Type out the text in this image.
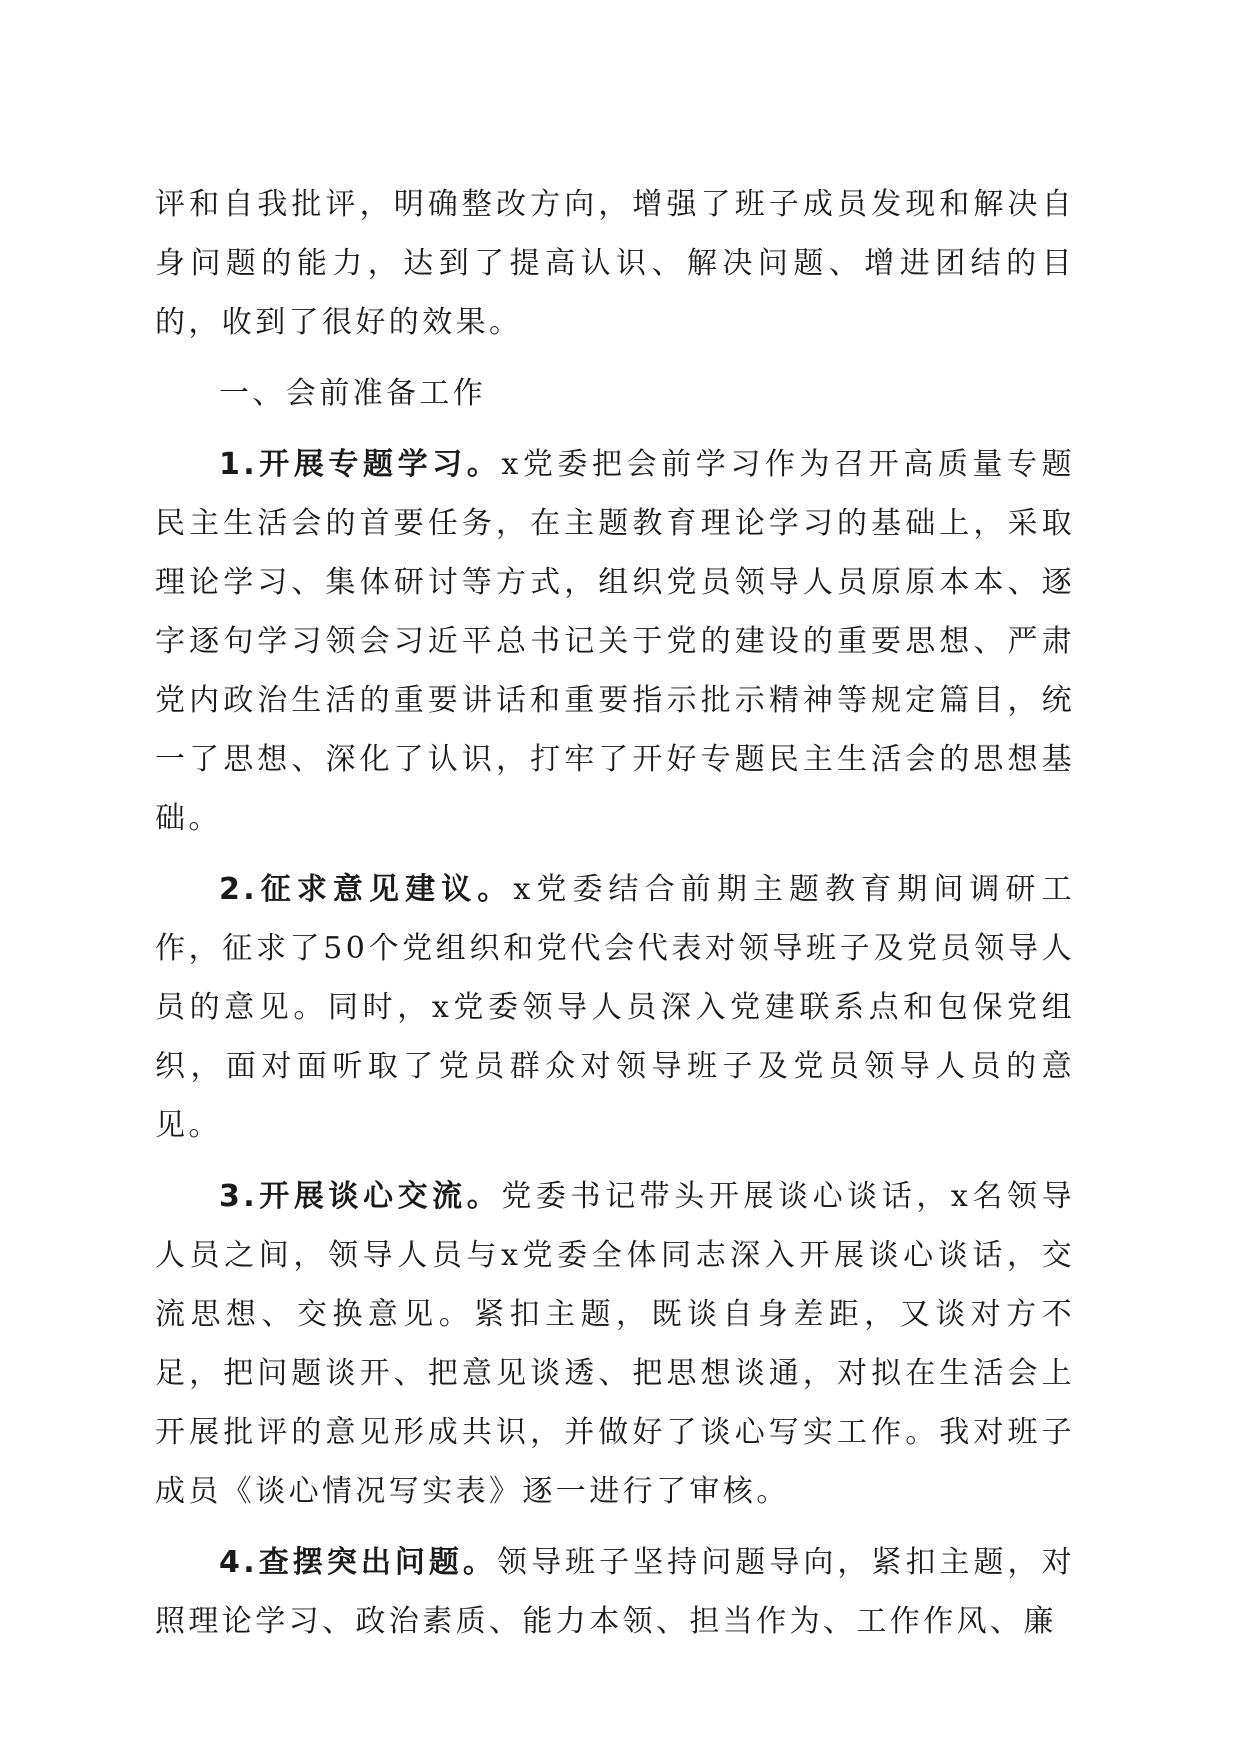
评和自我批评，明确整改方向，增强了班子成员发现和解决自身问题的能力，达到了提高认识、解决问题、增进团结的目的，收到了很好的效果。

一、会前准备工作

1.开展专题学习。x党委把会前学习作为召开高质量专题民主生活会的首要任务，在主题教育理论学习的基础上，采取理论学习、集体研讨等方式，组织党员领导人员原原本本、逐字逐句学习领会习近平总书记关于党的建设的重要思想、严肃党内政治生活的重要讲话和重要指示批示精神等规定篇目，统一了思想、深化了认识，打牢了开好专题民主生活会的思想基础。

2.征求意见建议。x党委结合前期主题教育期间调研工作，征求了50个党组织和党代会代表对领导班子及党员领导人员的意见。同时，x党委领导人员深入党建联系点和包保党组织，面对面听取了党员群众对领导班子及党员领导人员的意见。

3.开展谈心交流。党委书记带头开展谈心谈话，x名领导人员之间，领导人员与x党委全体同志深入开展谈心谈话，交流思想、交换意见。紧扣主题，既谈自身差距，又谈对方不足，把问题谈开、把意见谈透、把思想谈通，对拟在生活会上开展批评的意见形成共识，并做好了谈心写实工作。我对班子成员《谈心情况写实表》逐一进行了审核。

4.查摆突出问题。领导班子坚持问题导向，紧扣主题，对照理论学习、政治素质、能力本领、担当作为、工作作风、廉
